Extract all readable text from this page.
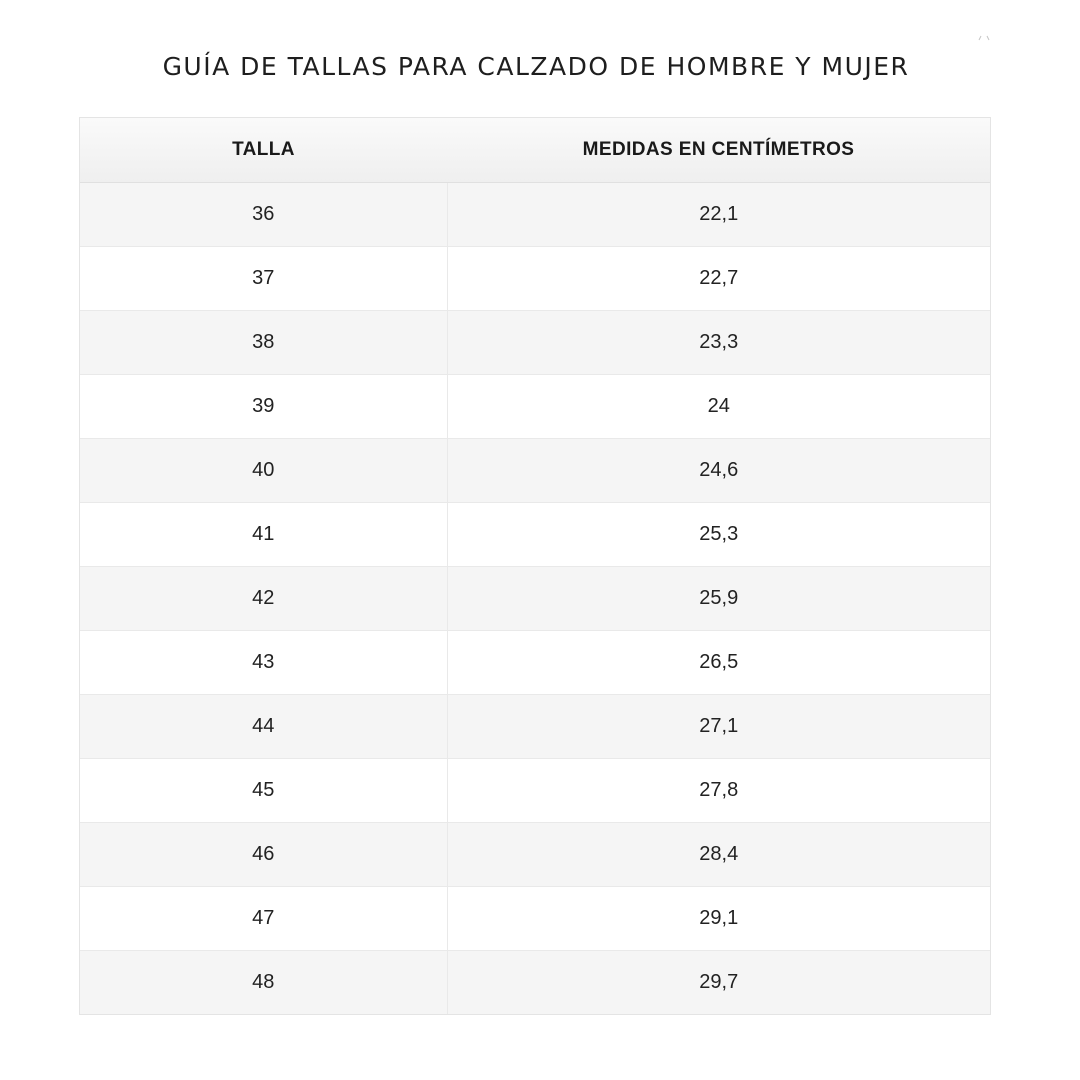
GUÍA DE TALLAS PARA CALZADO DE HOMBRE Y MUJER
TALLA	MEDIDAS EN CENTÍMETROS
36	22,1
37	22,7
38	23,3
39	24
40	24,6
41	25,3
42	25,9
43	26,5
44	27,1
45	27,8
46	28,4
47	29,1
48	29,7
